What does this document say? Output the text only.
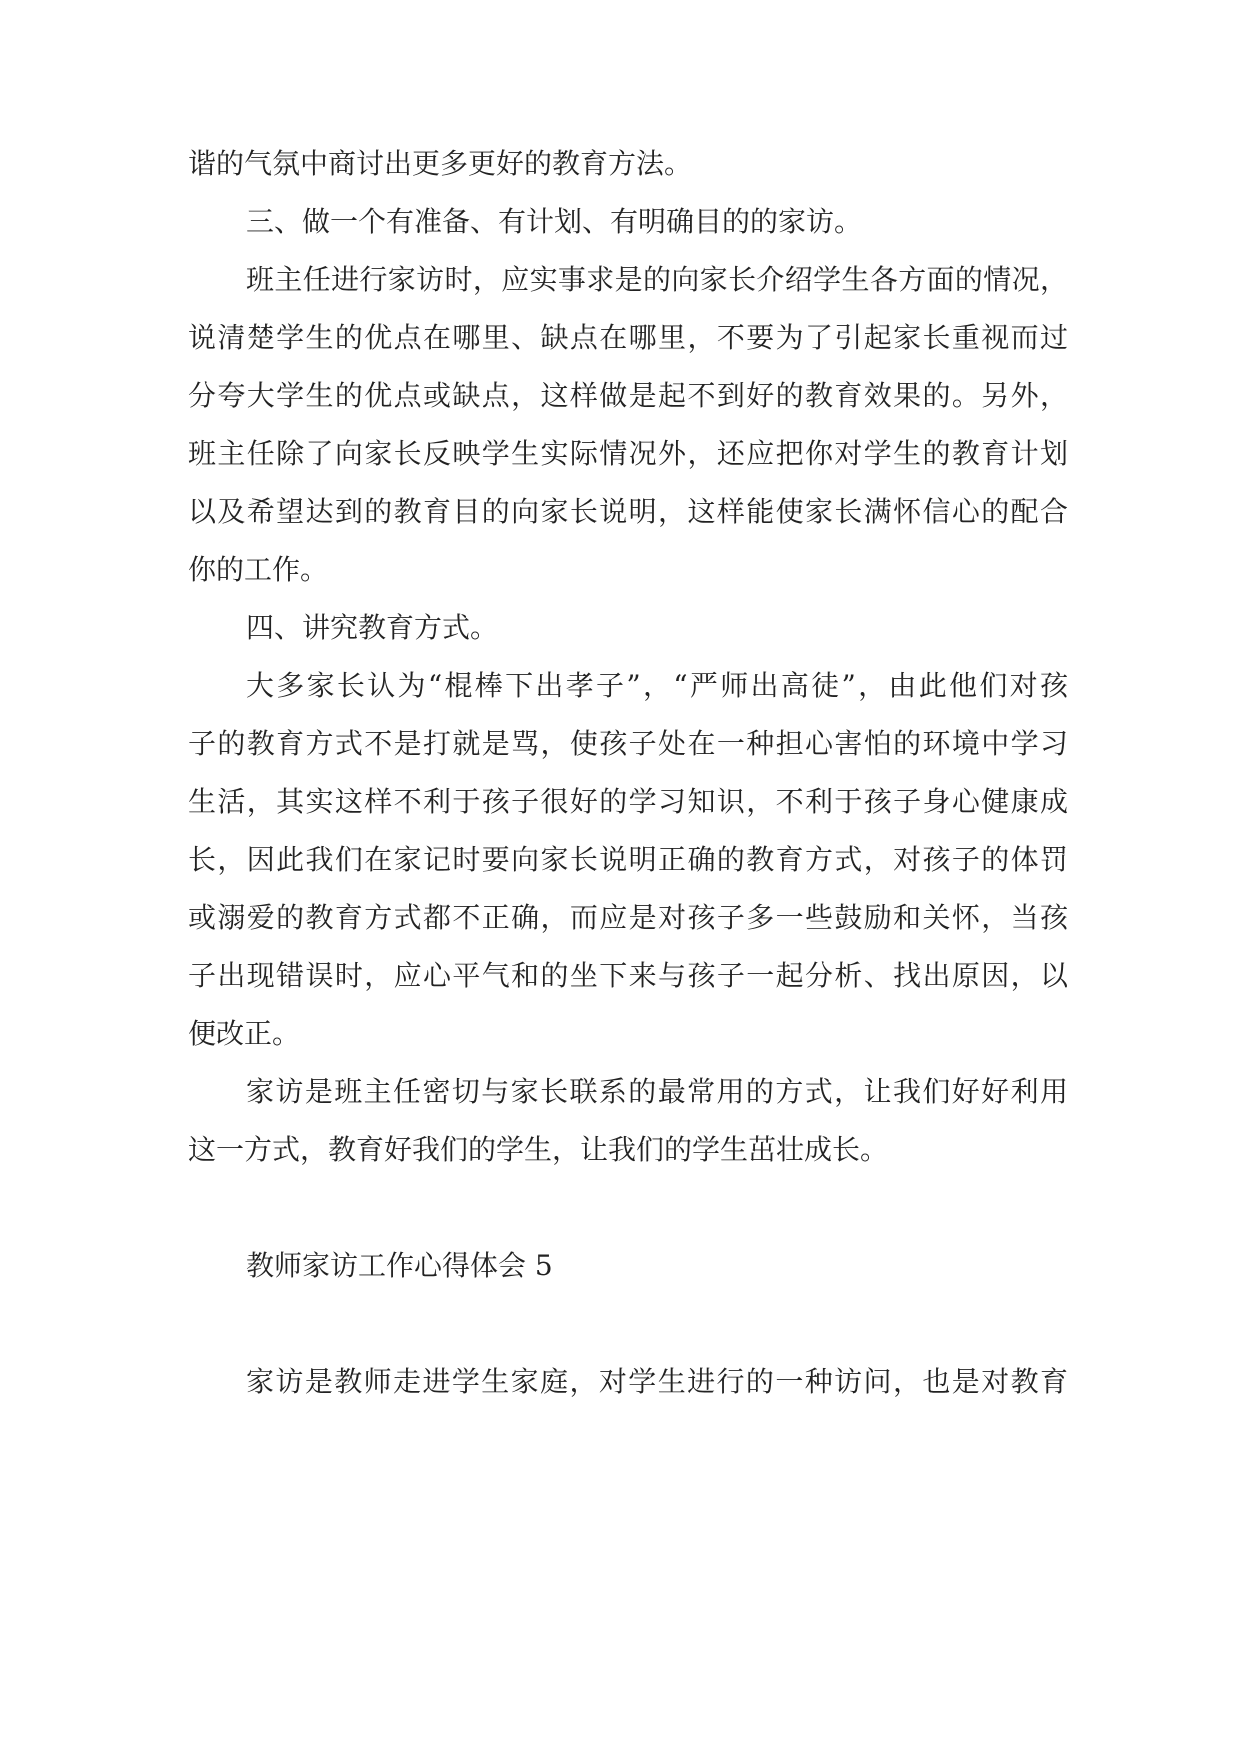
谐的气氛中商讨出更多更好的教育方法。
三、做一个有准备、有计划、有明确目的的家访。
班主任进行家访时，应实事求是的向家长介绍学生各方面的情况，
说清楚学生的优点在哪里、缺点在哪里，不要为了引起家长重视而过
分夸大学生的优点或缺点，这样做是起不到好的教育效果的。另外，
班主任除了向家长反映学生实际情况外，还应把你对学生的教育计划
以及希望达到的教育目的向家长说明，这样能使家长满怀信心的配合
你的工作。
四、讲究教育方式。
大多家长认为“棍棒下出孝子”，“严师出高徒”，由此他们对孩
子的教育方式不是打就是骂，使孩子处在一种担心害怕的环境中学习
生活，其实这样不利于孩子很好的学习知识，不利于孩子身心健康成
长，因此我们在家记时要向家长说明正确的教育方式，对孩子的体罚
或溺爱的教育方式都不正确，而应是对孩子多一些鼓励和关怀，当孩
子出现错误时，应心平气和的坐下来与孩子一起分析、找出原因，以
便改正。
家访是班主任密切与家长联系的最常用的方式，让我们好好利用
这一方式，教育好我们的学生，让我们的学生茁壮成长。
教师家访工作心得体会 5
家访是教师走进学生家庭，对学生进行的一种访问，也是对教育
